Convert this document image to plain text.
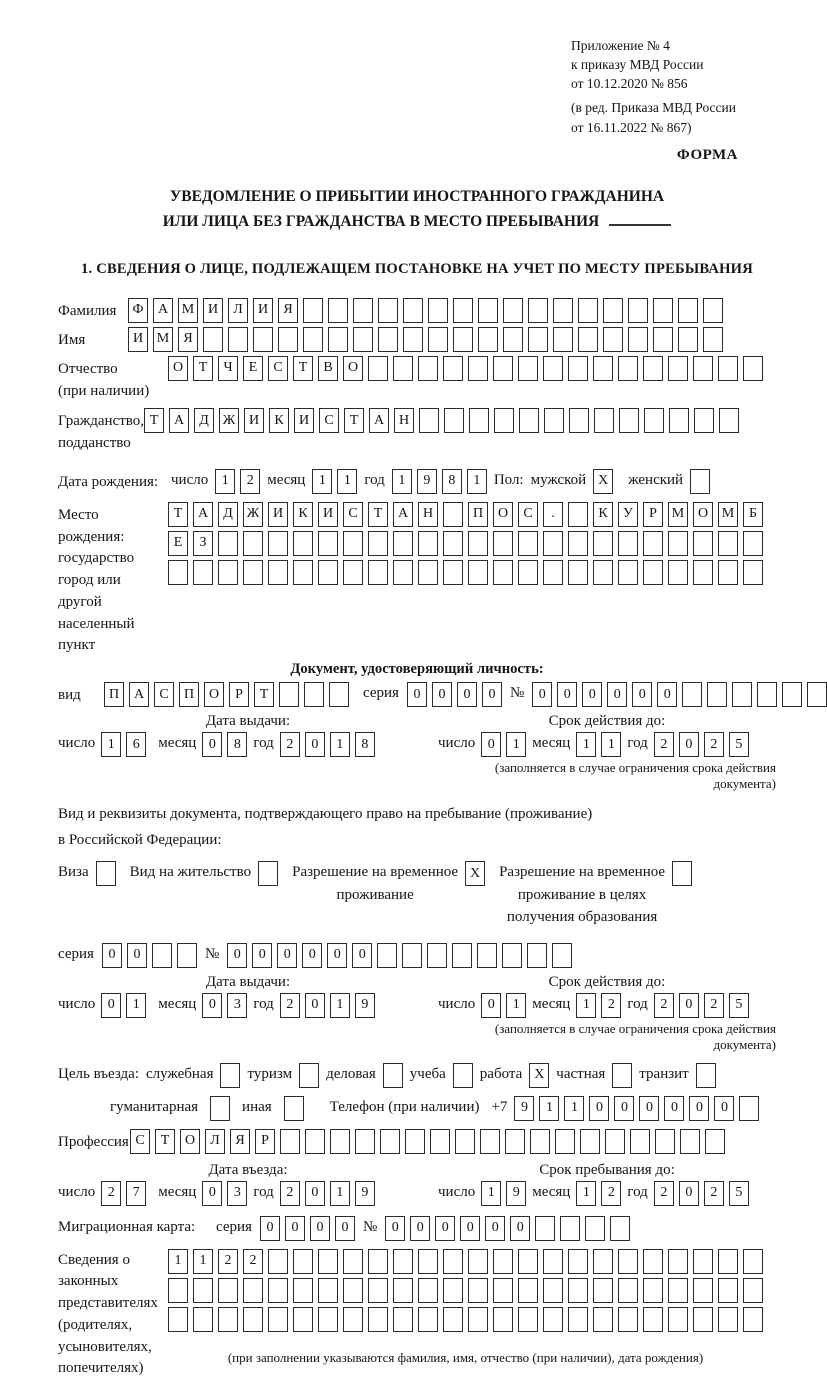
Приложение № 4
к приказу МВД России
от 10.12.2020 № 856
(в ред. Приказа МВД России
от 16.11.2022 № 867)
ФОРМА
УВЕДОМЛЕНИЕ О ПРИБЫТИИ ИНОСТРАННОГО ГРАЖДАНИНА
ИЛИ ЛИЦА БЕЗ ГРАЖДАНСТВА В МЕСТО ПРЕБЫВАНИЯ
1. СВЕДЕНИЯ О ЛИЦЕ, ПОДЛЕЖАЩЕМ ПОСТАНОВКЕ НА УЧЕТ ПО МЕСТУ ПРЕБЫВАНИЯ
Фамилия	Ф	А М И	Л	И	Я
Имя	И М	Я
Отчество
(при наличии)
О	Т	Ч	Е	С	Т	В	О
Гражданство,
подданство
Т	А	Д Ж И	К	И	С	Т	А	Н
Дата рождения: число 1	2 месяц 1	1 год 1	9	8	1 Пол: мужской X	женский
Место рождения:
государство
город или другой
населенный пункт
Т	А	Д Ж И	К	И	С	Т	А	Н	П	О	С	.	К	У	Р	М О М	Б
Е	З
Документ, удостоверяющий личность:
вид	П	А	С	П	О	Р	Т	серия	0	0	0	0 №	0	0	0	0	0	0
Дата выдачи:
число 1	6	месяц 0	8 год 2	0	1	8
Срок действия до:
число 0	1 месяц 1	1 год 2	0	2	5
(заполняется в случае ограничения срока действия документа)
Вид и реквизиты документа, подтверждающего право на пребывание (проживание)
в Российской Федерации:
Виза	Вид на жительство	Разрешение на временное
проживание
X	Разрешение на временное
проживание в целях
получения образования
серия	0	0	№	0	0	0	0	0	0
Дата выдачи:
число 0	1	месяц 0	3 год 2	0	1	9
Срок действия до:
число 0	1 месяц 1	2 год 2	0	2	5
(заполняется в случае ограничения срока действия документа)
Цель въезда: служебная туризм деловая учеба работа X частная транзит
гуманитарная	иная	Телефон (при наличии) +7 9	1	1	0	0	0	0	0	0
Профессия С	Т	О	Л	Я	Р
Дата въезда:
число 2	7	месяц 0	3 год 2	0	1	9
Срок пребывания до:
число 1	9 месяц 1	2 год 2	0	2	5
Миграционная карта:	серия	0	0	0	0 №	0	0	0	0	0	0
Сведения о
законных
представителях
(родителях,
усыновителях,
попечителях)
1	1	2	2
(при заполнении указываются фамилия, имя, отчество (при наличии), дата рождения)
